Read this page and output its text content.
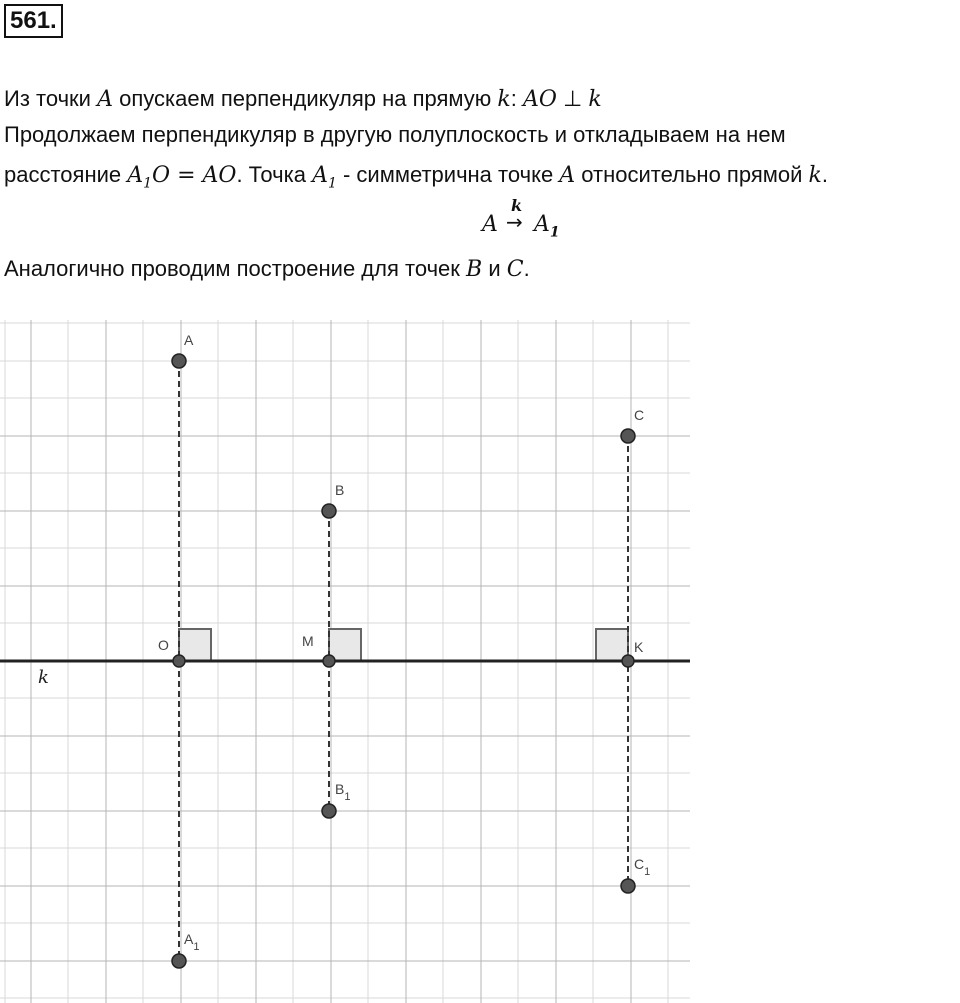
561.
Из точки A опускаем перпендикуляр на прямую k: AO ⊥ k
Продолжаем перпендикуляр в другую полуплоскость и откладываем на нем
расстояние $A_1O$ = AO. Точка $A_1$ - симметрична точке A относительно прямой k.
A
k
→ $A_1$
Аналогично проводим построение для точек B и C.
A
B
C
O	M	K
$B_1$
$C_1$
$A_1$
k
